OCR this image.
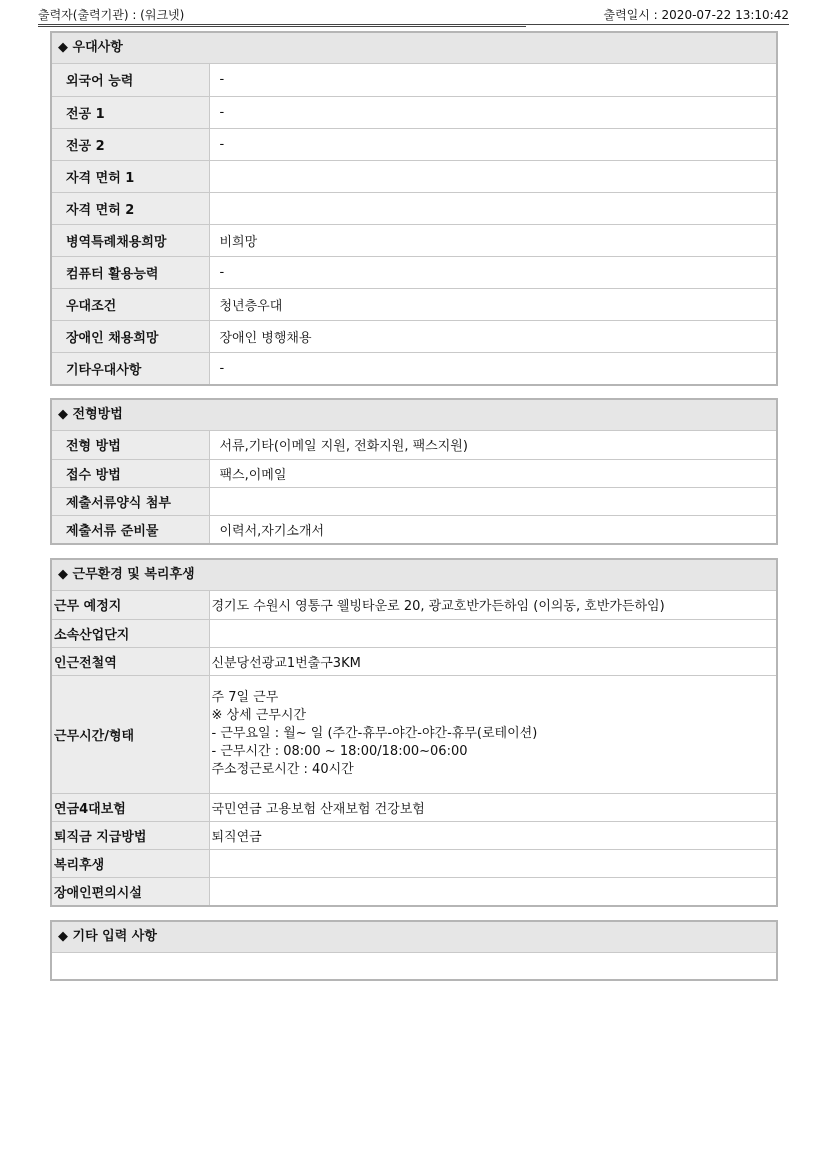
출력자(출력기관) : (워크넷)	출력일시 : 2020-07-22 13:10:42
◆ 우대사항
외국어 능력	-
전공 1	-
전공 2	-
자격 면허 1	
자격 면허 2	
병역특례채용희망	비희망
컴퓨터 활용능력	-
우대조건	청년층우대
장애인 채용희망	장애인 병행채용
기타우대사항	-
◆ 전형방법
전형 방법	서류,기타(이메일 지원, 전화지원, 팩스지원)
접수 방법	팩스,이메일
제출서류양식 첨부	
제출서류 준비물	이력서,자기소개서
◆ 근무환경 및 복리후생
근무 예정지	경기도 수원시 영통구 웰빙타운로 20, 광교호반가든하임 (이의동, 호반가든하임)
소속산업단지	
인근전철역	신분당선광교1번출구3KM
근무시간/형태	주 7일 근무
※ 상세 근무시간
- 근무요일 : 월~ 일 (주간-휴무-야간-야간-휴무(로테이션)
- 근무시간 : 08:00 ~ 18:00/18:00~06:00
주소정근로시간 : 40시간

연금4대보험	국민연금 고용보험 산재보험 건강보험
퇴직금 지급방법	퇴직연금
복리후생	
장애인편의시설	
◆ 기타 입력 사항
